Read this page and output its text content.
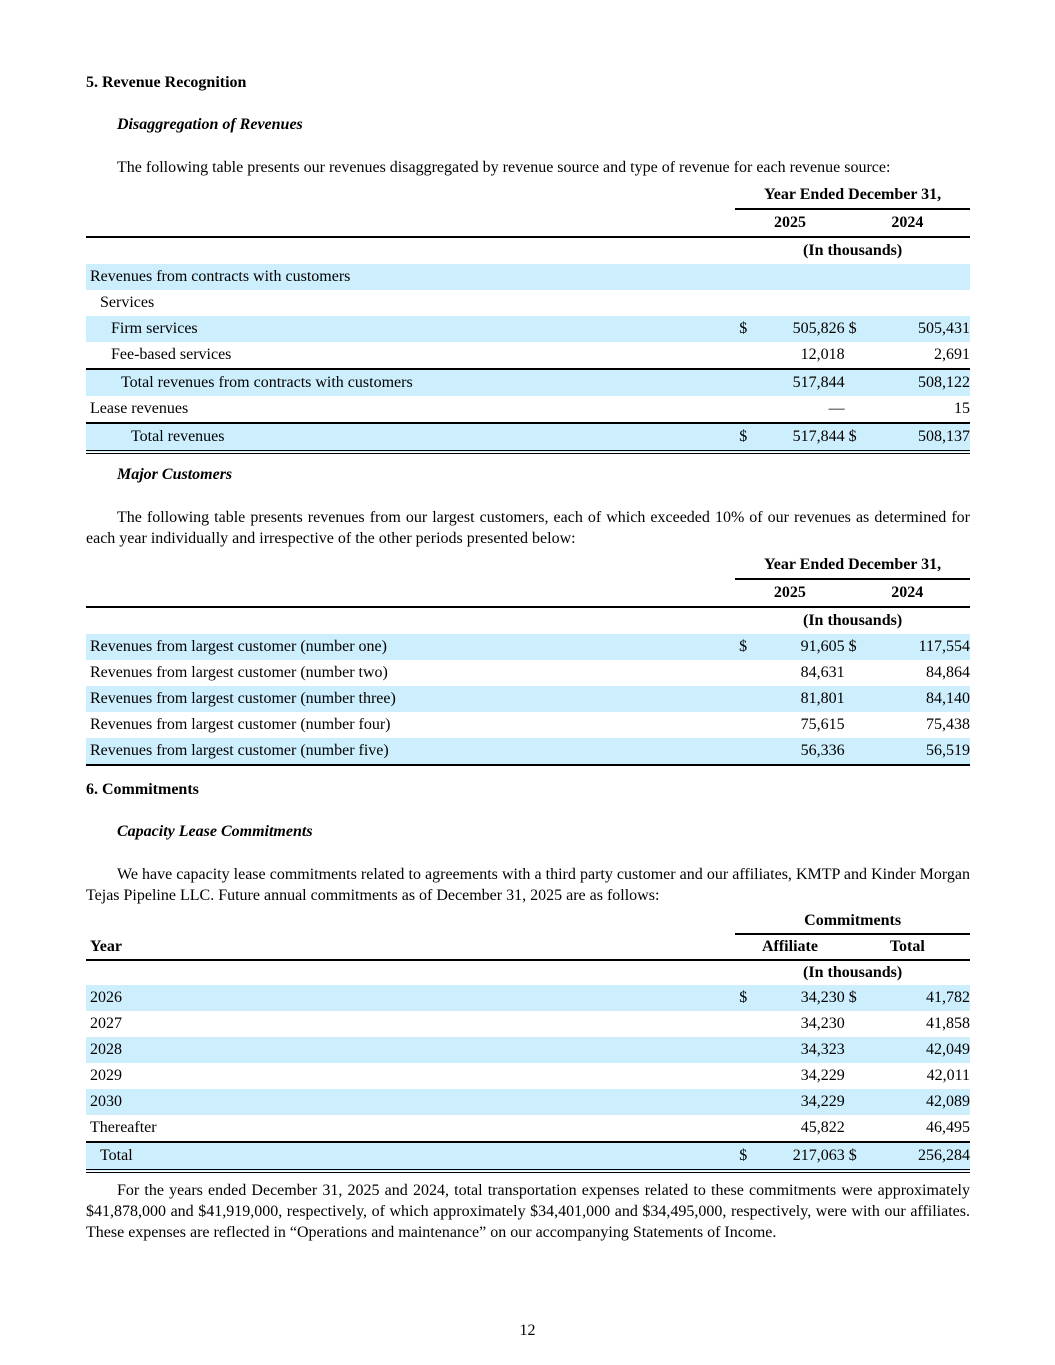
5. Revenue Recognition
Disaggregation of Revenues
The following table presents our revenues disaggregated by revenue source and type of revenue for each revenue source:
	Year Ended December 31,			
	2025		2024	
	(In thousands)			
Revenues from contracts with customers				
Services				
Firm services	$	505,826	$	505,431
Fee-based services		12,018		2,691
Total revenues from contracts with customers		517,844		508,122
Lease revenues		—		15
Total revenues	$	517,844	$	508,137
Major Customers
The following table presents revenues from our largest customers, each of which exceeded 10% of our revenues as determined for each year individually and irrespective of the other periods presented below:
	Year Ended December 31,			
	2025		2024	
	(In thousands)			
Revenues from largest customer (number one)	$	91,605	$	117,554
Revenues from largest customer (number two)		84,631		84,864
Revenues from largest customer (number three)		81,801		84,140
Revenues from largest customer (number four)		75,615		75,438
Revenues from largest customer (number five)		56,336		56,519
6. Commitments
Capacity Lease Commitments
We have capacity lease commitments related to agreements with a third party customer and our affiliates, KMTP and Kinder Morgan Tejas Pipeline LLC. Future annual commitments as of December 31, 2025 are as follows:
	Commitments			
Year	Affiliate		Total	
	(In thousands)			
2026	$	34,230	$	41,782
2027		34,230		41,858
2028		34,323		42,049
2029		34,229		42,011
2030		34,229		42,089
Thereafter		45,822		46,495
Total	$	217,063	$	256,284
For the years ended December 31, 2025 and 2024, total transportation expenses related to these commitments were approximately $41,878,000 and $41,919,000, respectively, of which approximately $34,401,000 and $34,495,000, respectively, were with our affiliates. These expenses are reflected in “Operations and maintenance” on our accompanying Statements of Income.
12
